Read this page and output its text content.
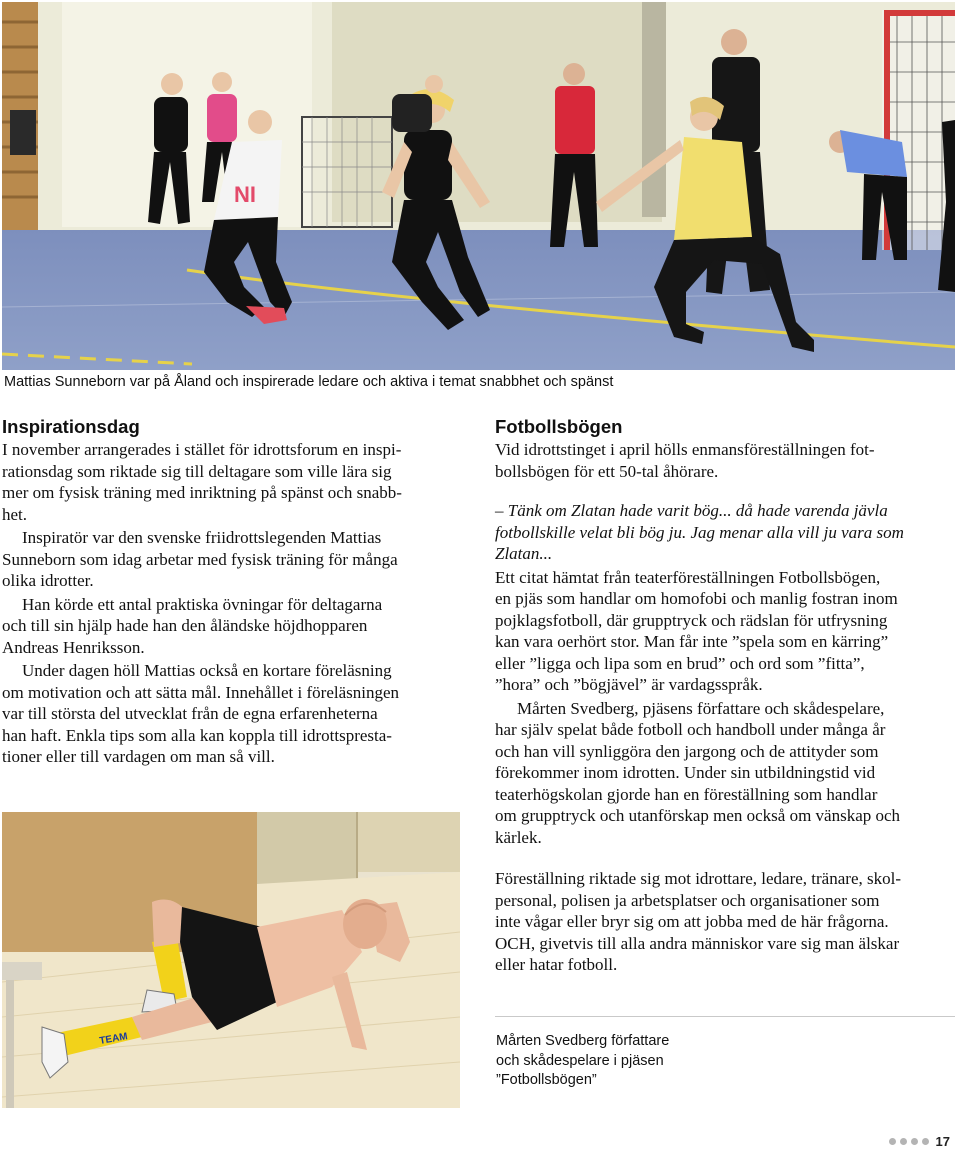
NI
Mattias Sunneborn var på Åland och inspirerade ledare och aktiva i temat snabbhet och spänst
Inspirationsdag
I november arrangerades i stället för idrottsforum en inspi-
rationsdag som riktade sig till deltagare som ville lära sig
mer om fysisk träning med inriktning på spänst och snabb-
het.
Inspiratör var den svenske friidrottslegenden Mattias
Sunneborn som idag arbetar med fysisk träning för många
olika idrotter.
Han körde ett antal praktiska övningar för deltagarna
och till sin hjälp hade han den åländske höjdhopparen
Andreas Henriksson.
Under dagen höll Mattias också en kortare föreläsning
om motivation och att sätta mål. Innehållet i föreläsningen
var till största del utvecklat från de egna erfarenheterna
han haft. Enkla tips som alla kan koppla till idrottspresta-
tioner eller till vardagen om man så vill.
Fotbollsbögen
Vid idrottstinget i april hölls enmansföreställningen fot-
bollsbögen för ett 50-tal åhörare.
– Tänk om Zlatan hade varit bög... då hade varenda jävla
fotbollskille velat bli bög ju. Jag menar alla vill ju vara som
Zlatan...
Ett citat hämtat från teaterföreställningen Fotbollsbögen,
en pjäs som handlar om homofobi och manlig fostran inom
pojklagsfotboll, där grupptryck och rädslan för utfrysning
kan vara oerhört stor. Man får inte ”spela som en kärring”
eller ”ligga och lipa som en brud” och ord som ”fitta”,
”hora” och ”bögjävel” är vardagsspråk.
Mårten Svedberg, pjäsens författare och skådespelare,
har själv spelat både fotboll och handboll under många år
och han vill synliggöra den jargong och de attityder som
förekommer inom idrotten. Under sin utbildningstid vid
teaterhögskolan gjorde han en föreställning som handlar
om grupptryck och utanförskap men också om vänskap och
kärlek.
Föreställning riktade sig mot idrottare, ledare, tränare, skol-
personal, polisen ja arbetsplatser och organisationer som
inte vågar eller bryr sig om att jobba med de här frågorna.
OCH, givetvis till alla andra människor vare sig man älskar
eller hatar fotboll.
TEAM	Mårten Svedberg författare
och skådespelare i pjäsen
”Fotbollsbögen”
17
